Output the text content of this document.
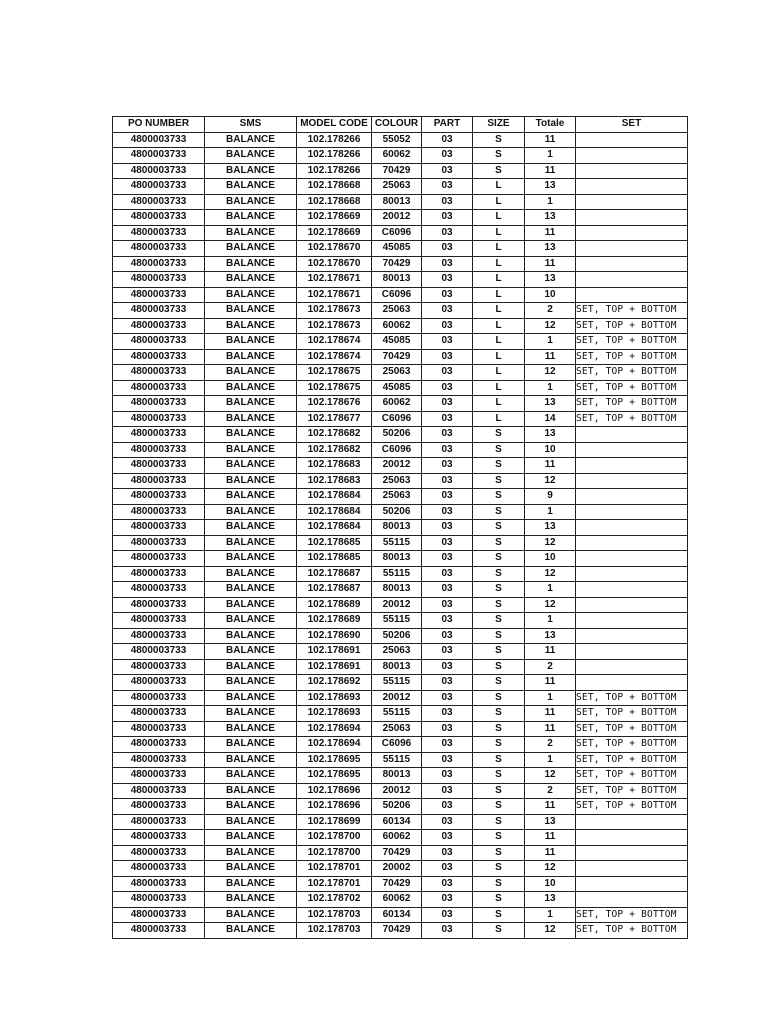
PO NUMBER	SMS	MODEL CODE	COLOUR	PART	SIZE	Totale	SET
4800003733	BALANCE	102.178266	55052	03	S	11	
4800003733	BALANCE	102.178266	60062	03	S	1	
4800003733	BALANCE	102.178266	70429	03	S	11	
4800003733	BALANCE	102.178668	25063	03	L	13	
4800003733	BALANCE	102.178668	80013	03	L	1	
4800003733	BALANCE	102.178669	20012	03	L	13	
4800003733	BALANCE	102.178669	C6096	03	L	11	
4800003733	BALANCE	102.178670	45085	03	L	13	
4800003733	BALANCE	102.178670	70429	03	L	11	
4800003733	BALANCE	102.178671	80013	03	L	13	
4800003733	BALANCE	102.178671	C6096	03	L	10	
4800003733	BALANCE	102.178673	25063	03	L	2	SET, TOP + BOTTOM
4800003733	BALANCE	102.178673	60062	03	L	12	SET, TOP + BOTTOM
4800003733	BALANCE	102.178674	45085	03	L	1	SET, TOP + BOTTOM
4800003733	BALANCE	102.178674	70429	03	L	11	SET, TOP + BOTTOM
4800003733	BALANCE	102.178675	25063	03	L	12	SET, TOP + BOTTOM
4800003733	BALANCE	102.178675	45085	03	L	1	SET, TOP + BOTTOM
4800003733	BALANCE	102.178676	60062	03	L	13	SET, TOP + BOTTOM
4800003733	BALANCE	102.178677	C6096	03	L	14	SET, TOP + BOTTOM
4800003733	BALANCE	102.178682	50206	03	S	13	
4800003733	BALANCE	102.178682	C6096	03	S	10	
4800003733	BALANCE	102.178683	20012	03	S	11	
4800003733	BALANCE	102.178683	25063	03	S	12	
4800003733	BALANCE	102.178684	25063	03	S	9	
4800003733	BALANCE	102.178684	50206	03	S	1	
4800003733	BALANCE	102.178684	80013	03	S	13	
4800003733	BALANCE	102.178685	55115	03	S	12	
4800003733	BALANCE	102.178685	80013	03	S	10	
4800003733	BALANCE	102.178687	55115	03	S	12	
4800003733	BALANCE	102.178687	80013	03	S	1	
4800003733	BALANCE	102.178689	20012	03	S	12	
4800003733	BALANCE	102.178689	55115	03	S	1	
4800003733	BALANCE	102.178690	50206	03	S	13	
4800003733	BALANCE	102.178691	25063	03	S	11	
4800003733	BALANCE	102.178691	80013	03	S	2	
4800003733	BALANCE	102.178692	55115	03	S	11	
4800003733	BALANCE	102.178693	20012	03	S	1	SET, TOP + BOTTOM
4800003733	BALANCE	102.178693	55115	03	S	11	SET, TOP + BOTTOM
4800003733	BALANCE	102.178694	25063	03	S	11	SET, TOP + BOTTOM
4800003733	BALANCE	102.178694	C6096	03	S	2	SET, TOP + BOTTOM
4800003733	BALANCE	102.178695	55115	03	S	1	SET, TOP + BOTTOM
4800003733	BALANCE	102.178695	80013	03	S	12	SET, TOP + BOTTOM
4800003733	BALANCE	102.178696	20012	03	S	2	SET, TOP + BOTTOM
4800003733	BALANCE	102.178696	50206	03	S	11	SET, TOP + BOTTOM
4800003733	BALANCE	102.178699	60134	03	S	13	
4800003733	BALANCE	102.178700	60062	03	S	11	
4800003733	BALANCE	102.178700	70429	03	S	11	
4800003733	BALANCE	102.178701	20002	03	S	12	
4800003733	BALANCE	102.178701	70429	03	S	10	
4800003733	BALANCE	102.178702	60062	03	S	13	
4800003733	BALANCE	102.178703	60134	03	S	1	SET, TOP + BOTTOM
4800003733	BALANCE	102.178703	70429	03	S	12	SET, TOP + BOTTOM
